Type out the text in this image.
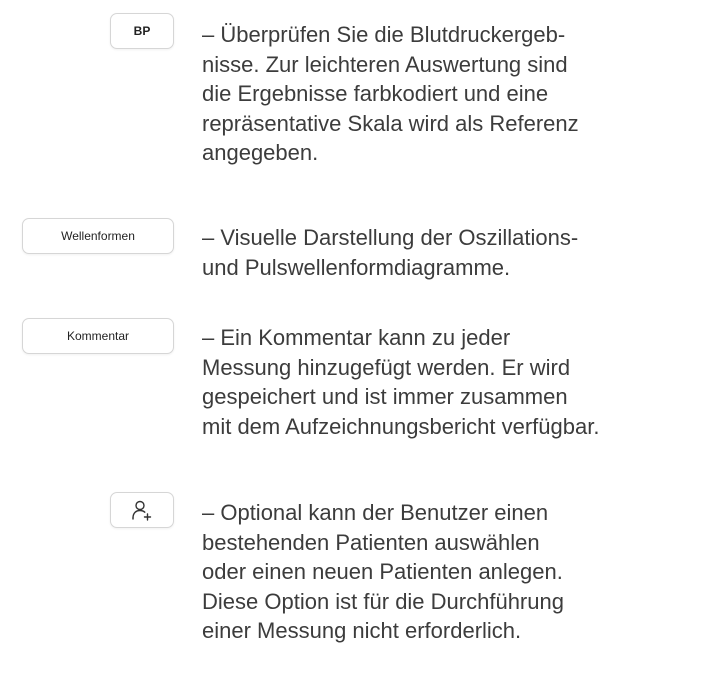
BP – Überprüfen Sie die Blutdruckergeb-
nisse. Zur leichteren Auswertung sind
die Ergebnisse farbkodiert und eine
repräsentative Skala wird als Referenz
angegeben.

Wellenformen	– Visuelle Darstellung der Oszillations-
und Pulswellenformdiagramme.

Kommentar	– Ein Kommentar kann zu jeder
Messung hinzugefügt werden. Er wird
gespeichert und ist immer zusammen
mit dem Aufzeichnungsbericht verfügbar.

– Optional kann der Benutzer einen
bestehenden Patienten auswählen
oder einen neuen Patienten anlegen.
Diese Option ist für die Durchführung
einer Messung nicht erforderlich.
